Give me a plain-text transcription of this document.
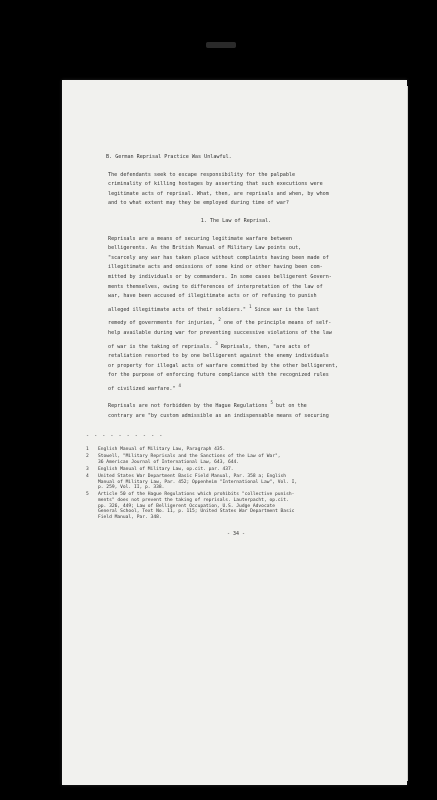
B. German Reprisal Practice Was Unlawful.

The defendants seek to escape responsibility for the palpable
criminality of killing hostages by asserting that such executions were
legitimate acts of reprisal. What, then, are reprisals and when, by whom
and to what extent may they be employed during time of war?

1. The Law of Reprisal.

Reprisals are a means of securing legitimate warfare between
belligerents. As the British Manual of Military Law points out,
"scarcely any war has taken place without complaints having been made of
illegitimate acts and omissions of some kind or other having been com-
mitted by individuals or by commanders. In some cases belligerent Govern-
ments themselves, owing to differences of interpretation of the law of
war, have been accused of illegitimate acts or of refusing to punish
alleged illegitimate acts of their soldiers." $^1$ Since war is the last
remedy of governments for injuries, $^2$ one of the principle means of self-
help available during war for preventing successive violations of the law
of war is the taking of reprisals. $^3$ Reprisals, then, "are acts of
retaliation resorted to by one belligerent against the enemy individuals
or property for illegal acts of warfare committed by the other belligerent,
for the purpose of enforcing future compliance with the recognized rules
of civilized warfare." $^4$

Reprisals are not forbidden by the Hague Regulations $^5$ but on the
contrary are "by custom admissible as an indispensable means of securing

- - - - - - - - - -
1	English Manual of Military Law, Paragraph 435.
2	Stowell, "Military Reprisals and the Sanctions of the Law of War",
36 American Journal of International Law, 643, 644.
3	English Manual of Military Law, op.cit. par. 437.
4	United States War Department Basic Field Manual, Par. 358 a; English
Manual of Military Law, Par. 452; Oppenheim "International Law", Vol. I,
p. 259, Vol. II, p. 338.
5	Article 50 of the Hague Regulations which prohibits "collective punish-
ments" does not prevent the taking of reprisals. Lauterpacht, op.cit.
pp. 326, 449; Law of Belligerent Occupation, U.S. Judge Advocate
General School, Text No. 11, p. 115; United States War Department Basic
Field Manual, Par. 348.
- 34 -
